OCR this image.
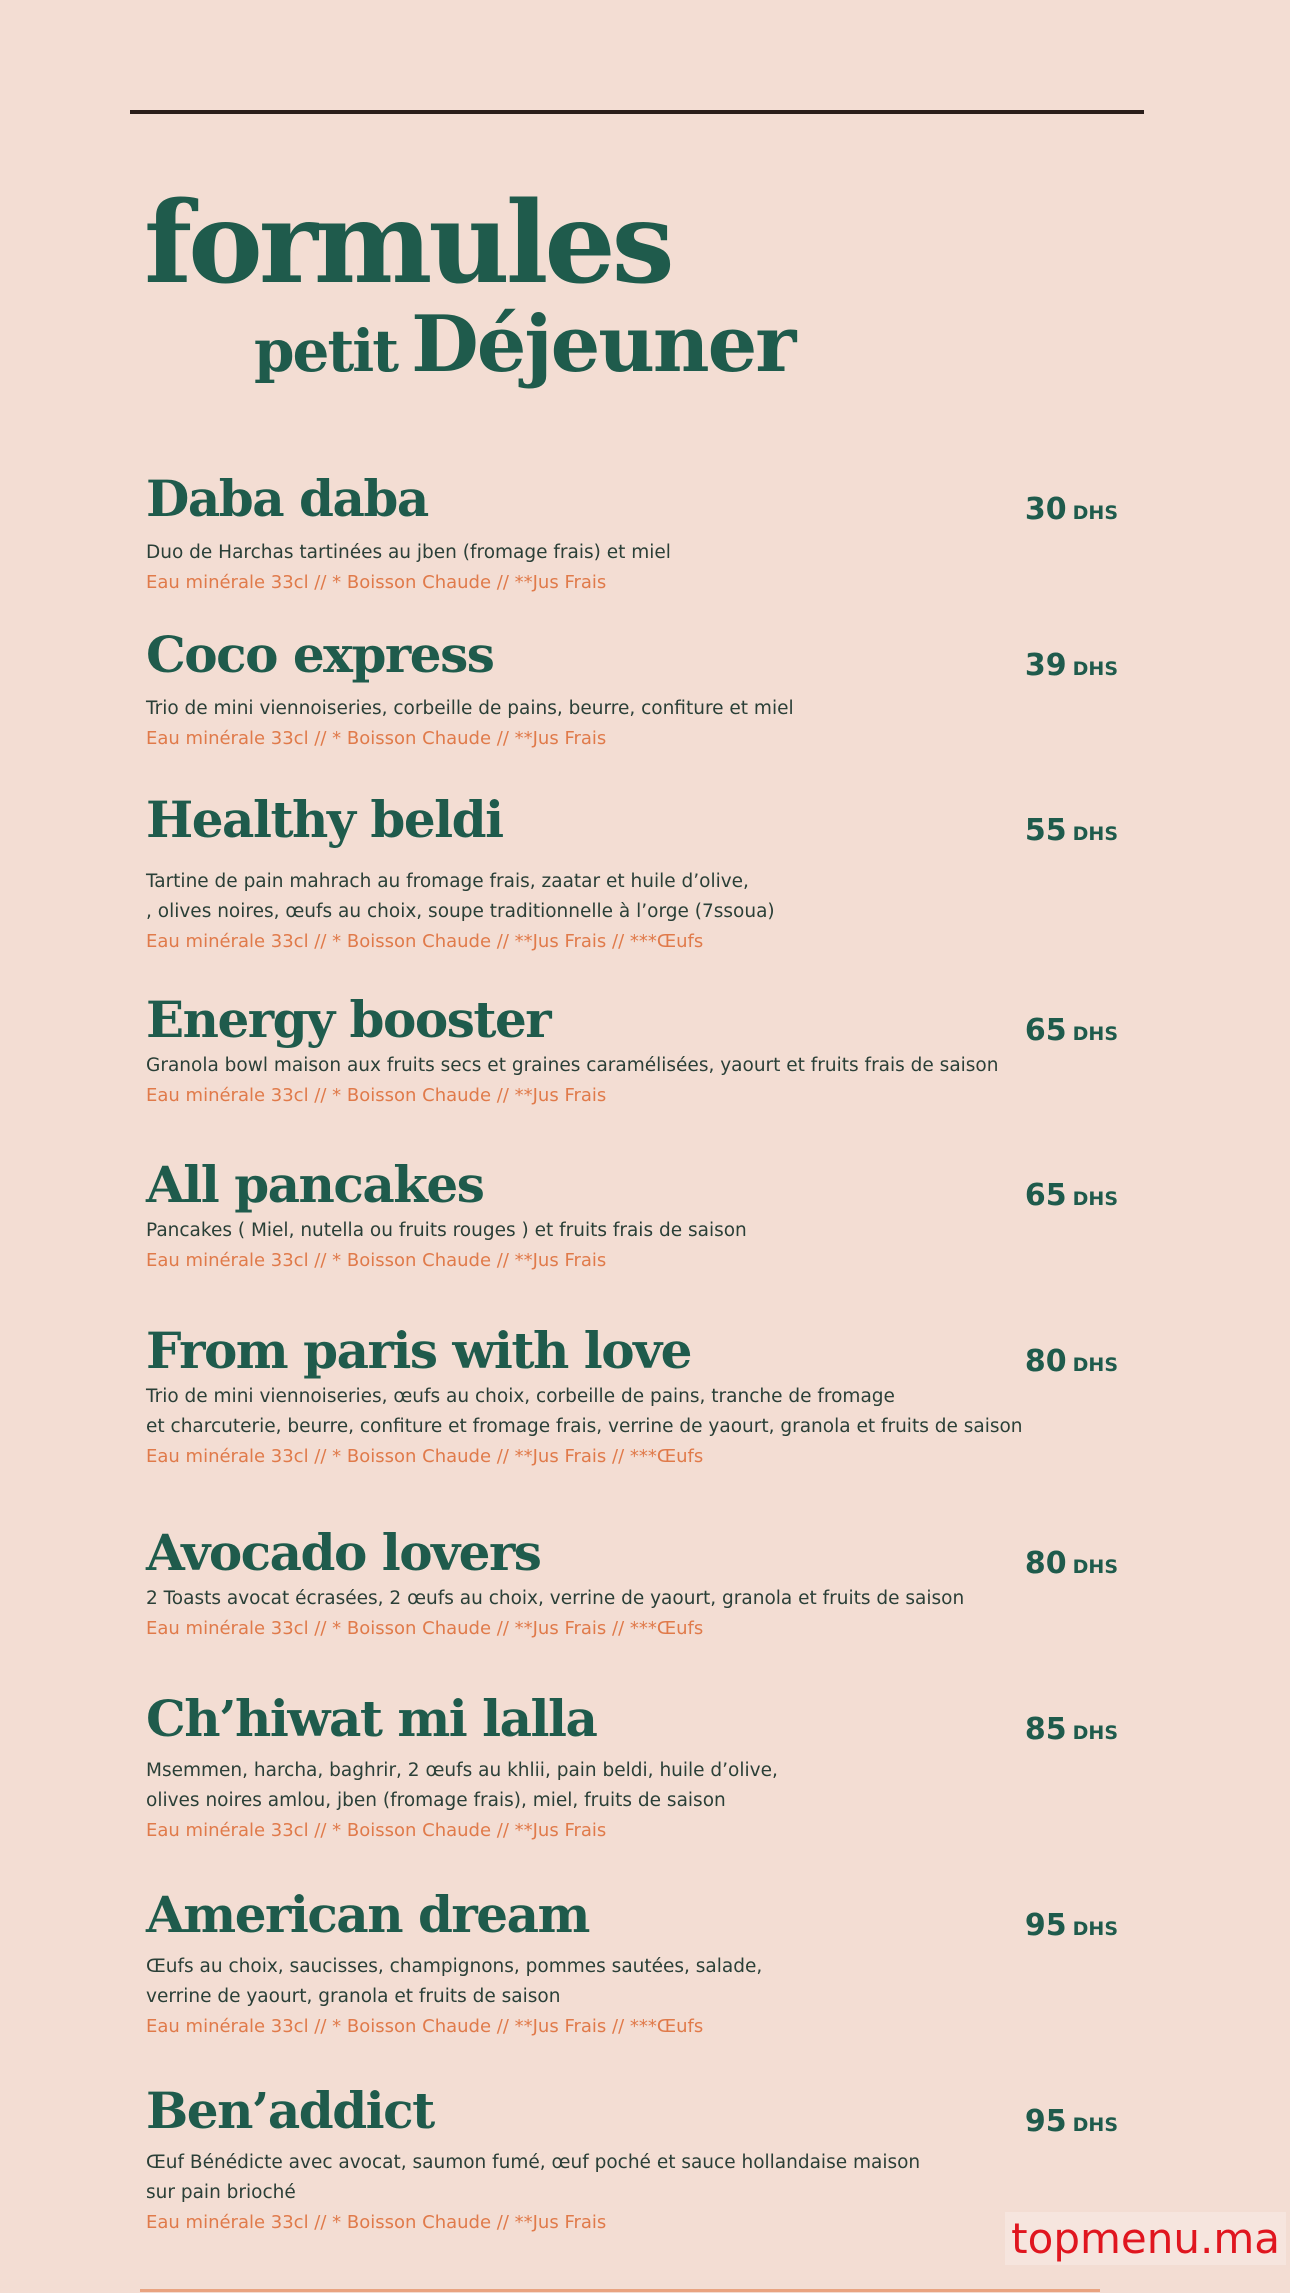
formules
petit Déjeuner

Daba daba	30 DHS

Duo de Harchas tartinées au jben (fromage frais) et miel

Eau minérale 33cl // * Boisson Chaude // **Jus Frais

Coco express	39 DHS

Trio de mini viennoiseries, corbeille de pains, beurre, confiture et miel

Eau minérale 33cl // * Boisson Chaude // **Jus Frais

Healthy beldi	55 DHS

Tartine de pain mahrach au fromage frais, zaatar et huile d’olive,

, olives noires, œufs au choix, soupe traditionnelle à l’orge (7ssoua)

Eau minérale 33cl // * Boisson Chaude // **Jus Frais // ***Œufs

Energy booster	65 DHS

Granola bowl maison aux fruits secs et graines caramélisées, yaourt et fruits frais de saison

Eau minérale 33cl // * Boisson Chaude // **Jus Frais

All pancakes	65 DHS

Pancakes ( Miel, nutella ou fruits rouges ) et fruits frais de saison

Eau minérale 33cl // * Boisson Chaude // **Jus Frais

From paris with love	80 DHS

Trio de mini viennoiseries, œufs au choix, corbeille de pains, tranche de fromage

et charcuterie, beurre, confiture et fromage frais, verrine de yaourt, granola et fruits de saison

Eau minérale 33cl // * Boisson Chaude // **Jus Frais // ***Œufs

Avocado lovers	80 DHS

2 Toasts avocat écrasées, 2 œufs au choix, verrine de yaourt, granola et fruits de saison

Eau minérale 33cl // * Boisson Chaude // **Jus Frais // ***Œufs

Ch’hiwat mi lalla	85 DHS

Msemmen, harcha, baghrir, 2 œufs au khlii, pain beldi, huile d’olive,

olives noires amlou, jben (fromage frais), miel, fruits de saison

Eau minérale 33cl // * Boisson Chaude // **Jus Frais

American dream	95 DHS

Œufs au choix, saucisses, champignons, pommes sautées, salade,

verrine de yaourt, granola et fruits de saison

Eau minérale 33cl // * Boisson Chaude // **Jus Frais // ***Œufs

Ben’addict	95 DHS

Œuf Bénédicte avec avocat, saumon fumé, œuf poché et sauce hollandaise maison

sur pain brioché

Eau minérale 33cl // * Boisson Chaude // **Jus Frais	topmenu.ma
